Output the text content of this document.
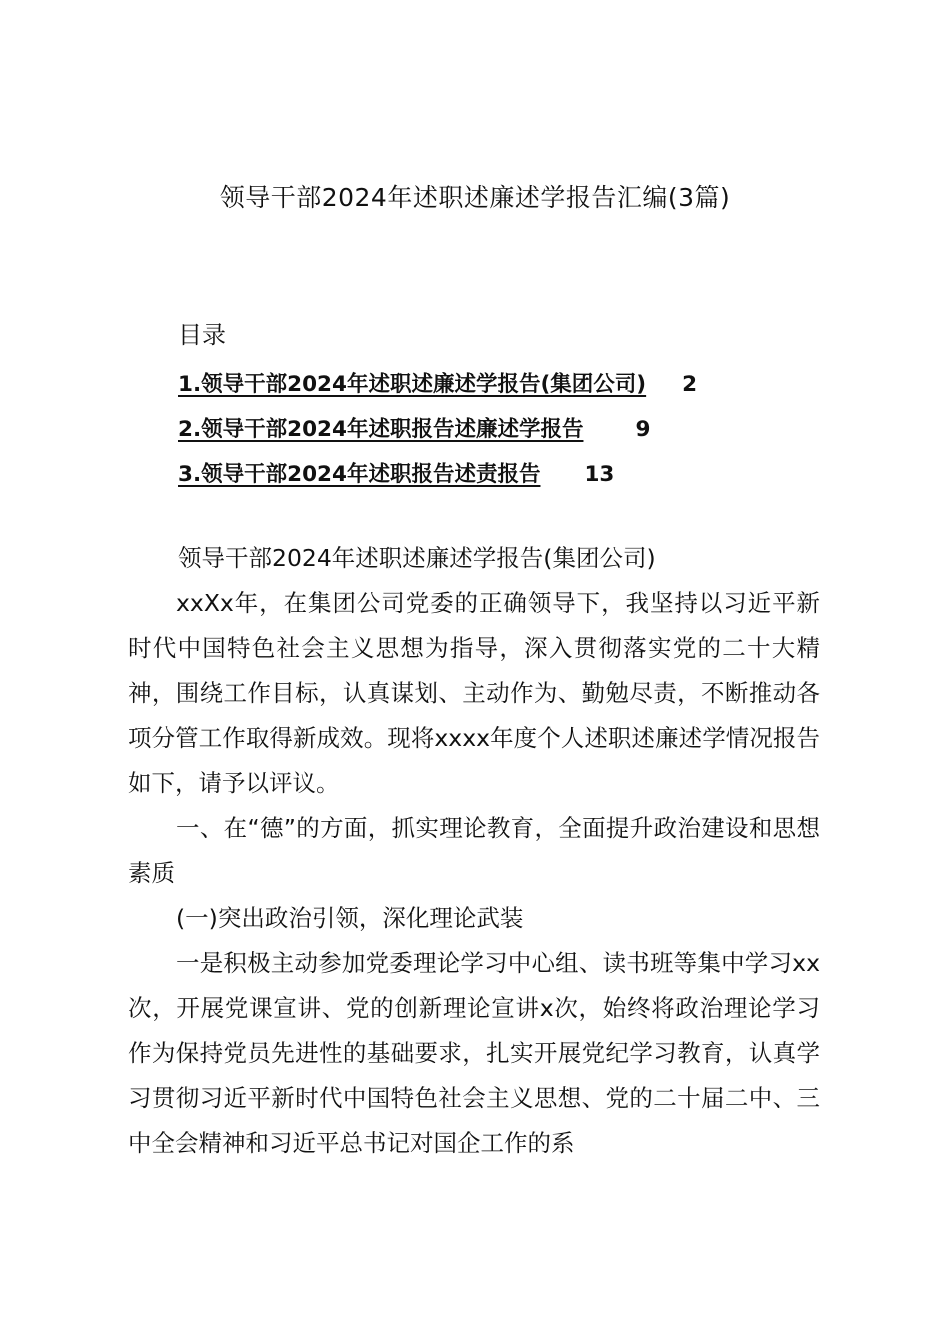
领导干部2024年述职述廉述学报告汇编(3篇)
目录
1.领导干部2024年述职述廉述学报告(集团公司) 2
2.领导干部2024年述职报告述廉述学报告 9
3.领导干部2024年述职报告述责报告 13

领导干部2024年述职述廉述学报告(集团公司)

xxXx年，在集团公司党委的正确领导下，我坚持以习近平新时代中国特色社会主义思想为指导，深入贯彻落实党的二十大精神，围绕工作目标，认真谋划、主动作为、勤勉尽责，不断推动各项分管工作取得新成效。现将xxxx年度个人述职述廉述学情况报告如下，请予以评议。

一、在“德”的方面，抓实理论教育，全面提升政治建设和思想素质

(一)突出政治引领，深化理论武装

一是积极主动参加党委理论学习中心组、读书班等集中学习xx次，开展党课宣讲、党的创新理论宣讲x次，始终将政治理论学习作为保持党员先进性的基础要求，扎实开展党纪学习教育，认真学习贯彻习近平新时代中国特色社会主义思想、党的二十届二中、三中全会精神和习近平总书记对国企工作的系
